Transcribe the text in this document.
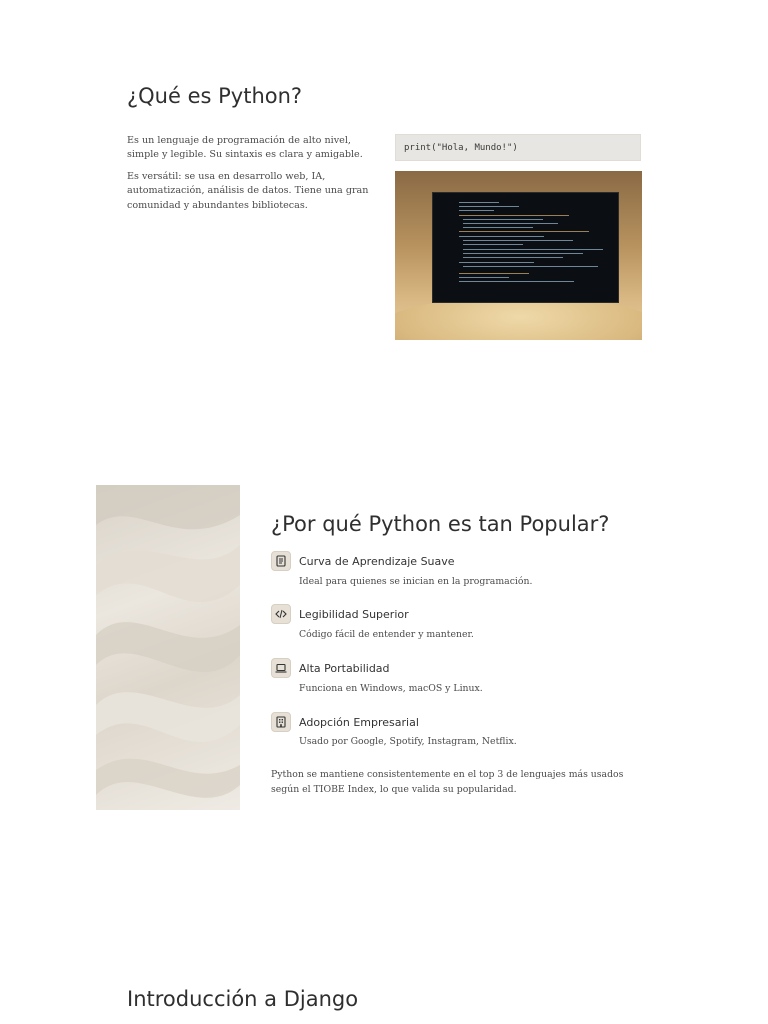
¿Qué es Python?

Es un lenguaje de programación de alto nivel, simple y legible. Su sintaxis es clara y amigable.

Es versátil: se usa en desarrollo web, IA, automatización, análisis de datos. Tiene una gran comunidad y abundantes bibliotecas.

print("Hola, Mundo!")
¿Por qué Python es tan Popular?
Curva de Aprendizaje Suave
Ideal para quienes se inician en la programación.
Legibilidad Superior
Código fácil de entender y mantener.
Alta Portabilidad
Funciona en Windows, macOS y Linux.
Adopción Empresarial
Usado por Google, Spotify, Instagram, Netflix.

Python se mantiene consistentemente en el top 3 de lenguajes más usados según el TIOBE Index, lo que valida su popularidad.

Introducción a Django
